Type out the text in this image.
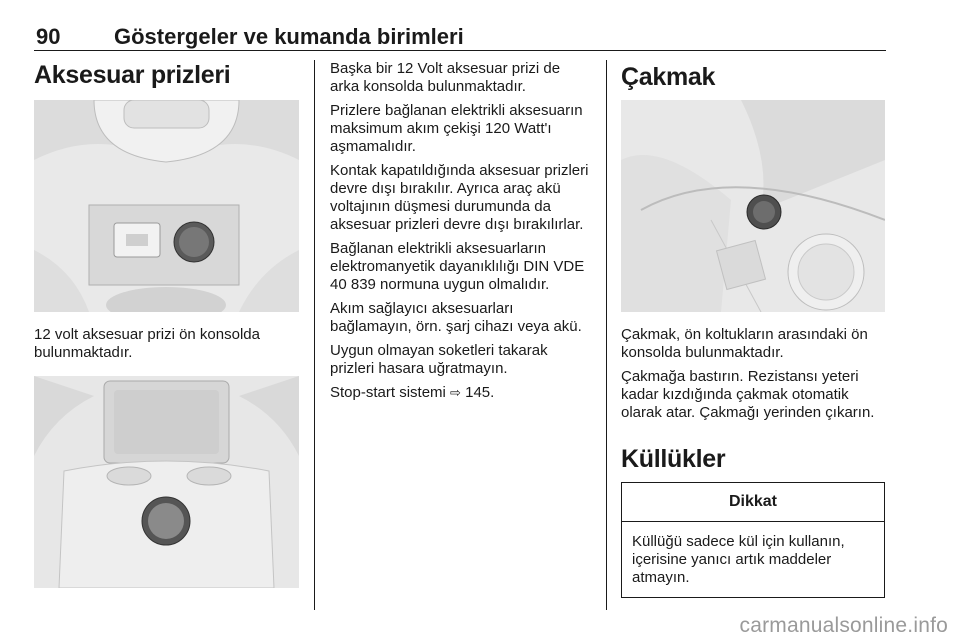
90 Göstergeler ve kumanda birimleri
Aksesuar prizleri

12 volt aksesuar prizi ön konsolda bulunmaktadır.

Başka bir 12 Volt aksesuar prizi de arka konsolda bulunmaktadır.

Prizlere bağlanan elektrikli aksesuarın maksimum akım çekişi 120 Watt'ı aşmamalıdır.

Kontak kapatıldığında aksesuar prizleri devre dışı bırakılır. Ayrıca araç akü voltajının düşmesi durumunda da aksesuar prizleri devre dışı bırakılırlar.

Bağlanan elektrikli aksesuarların elektromanyetik dayanıklılığı DIN VDE 40 839 normuna uygun olmalıdır.

Akım sağlayıcı aksesuarları bağlamayın, örn. şarj cihazı veya akü.

Uygun olmayan soketleri takarak prizleri hasara uğratmayın.

Stop-start sistemi ⇨ 145.

Çakmak

Çakmak, ön koltukların arasındaki ön konsolda bulunmaktadır.

Çakmağa bastırın. Rezistansı yeteri kadar kızdığında çakmak otomatik olarak atar. Çakmağı yerinden çıkarın.

Küllükler
Dikkat
Küllüğü sadece kül için kullanın, içerisine yanıcı artık maddeler atmayın.
carmanualsonline.info
